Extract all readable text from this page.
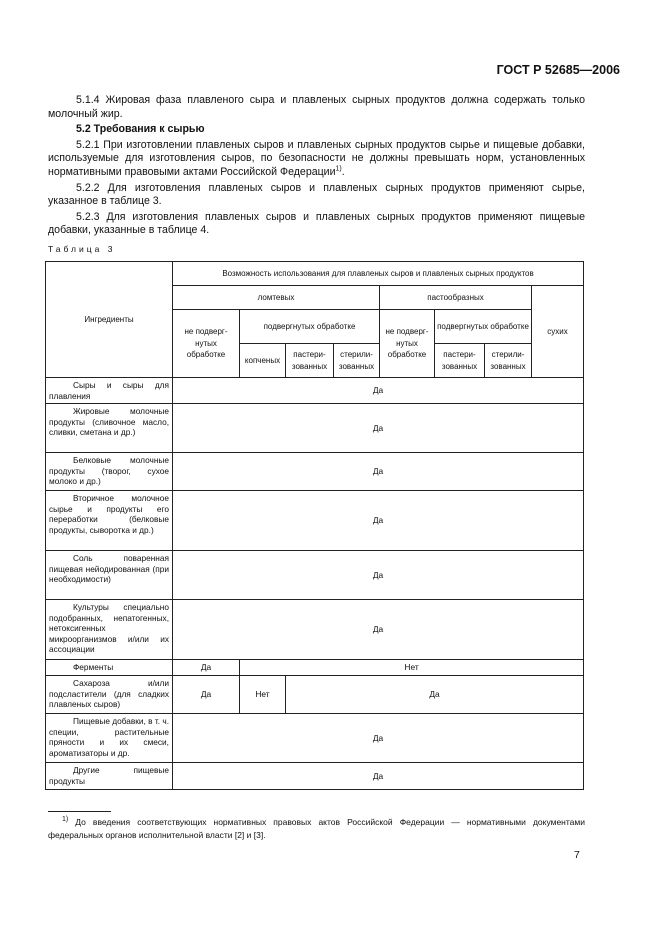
ГОСТ Р 52685—2006

5.1.4 Жировая фаза плавленого сыра и плавленых сырных продуктов должна содержать только молочный жир.

5.2 Требования к сырью

5.2.1 При изготовлении плавленых сыров и плавленых сырных продуктов сырье и пищевые добавки, используемые для изготовления сыров, по безопасности не должны превышать норм, установленных нормативными правовыми актами Российской Федерации$^{1)}$.

5.2.2 Для изготовления плавленых сыров и плавленых сырных продуктов применяют сырье, указанное в таблице 3.

5.2.3 Для изготовления плавленых сыров и плавленых сырных продуктов применяют пищевые добавки, указанные в таблице 4.

Таблица 3
Ингредиенты	Возможность использования для плавленых сыров и плавленых сырных продуктов							
	ломтевых				пастообразных			сухих
	не подверг-нутых обработке	подвергнутых обработке			не подверг-нутых обработке	подвергнутых обработке		
		копченых	пастери-зованных	стерили-зованных		пастери-зованных	стерили-зованных	

Сыры и сыры для плавления	Да							

Жировые молочные продукты (сливочное масло, сливки, сметана и др.)	Да							

Белковые молочные продукты (творог, сухое молоко и др.)	Да							

Вторичное молочное сырье и продукты его переработки (белковые продукты, сыворотка и др.)	Да							

Соль поваренная пищевая нейодированная (при необходимости)	Да							

Культуры специально подобранных, непатогенных, нетоксигенных микроорганизмов и/или их ассоциации	Да							

Ферменты	Да	Нет						

Сахароза и/или подсластители (для сладких плавленых сыров)	Да	Нет	Да					

Пищевые добавки, в т. ч. специи, растительные пряности и их смеси, ароматизаторы и др.	Да							

Другие пищевые продукты	Да							
$^{1)}$ До введения соответствующих нормативных правовых актов Российской Федерации — нормативными документами федеральных органов исполнительной власти [2] и [3].
7
